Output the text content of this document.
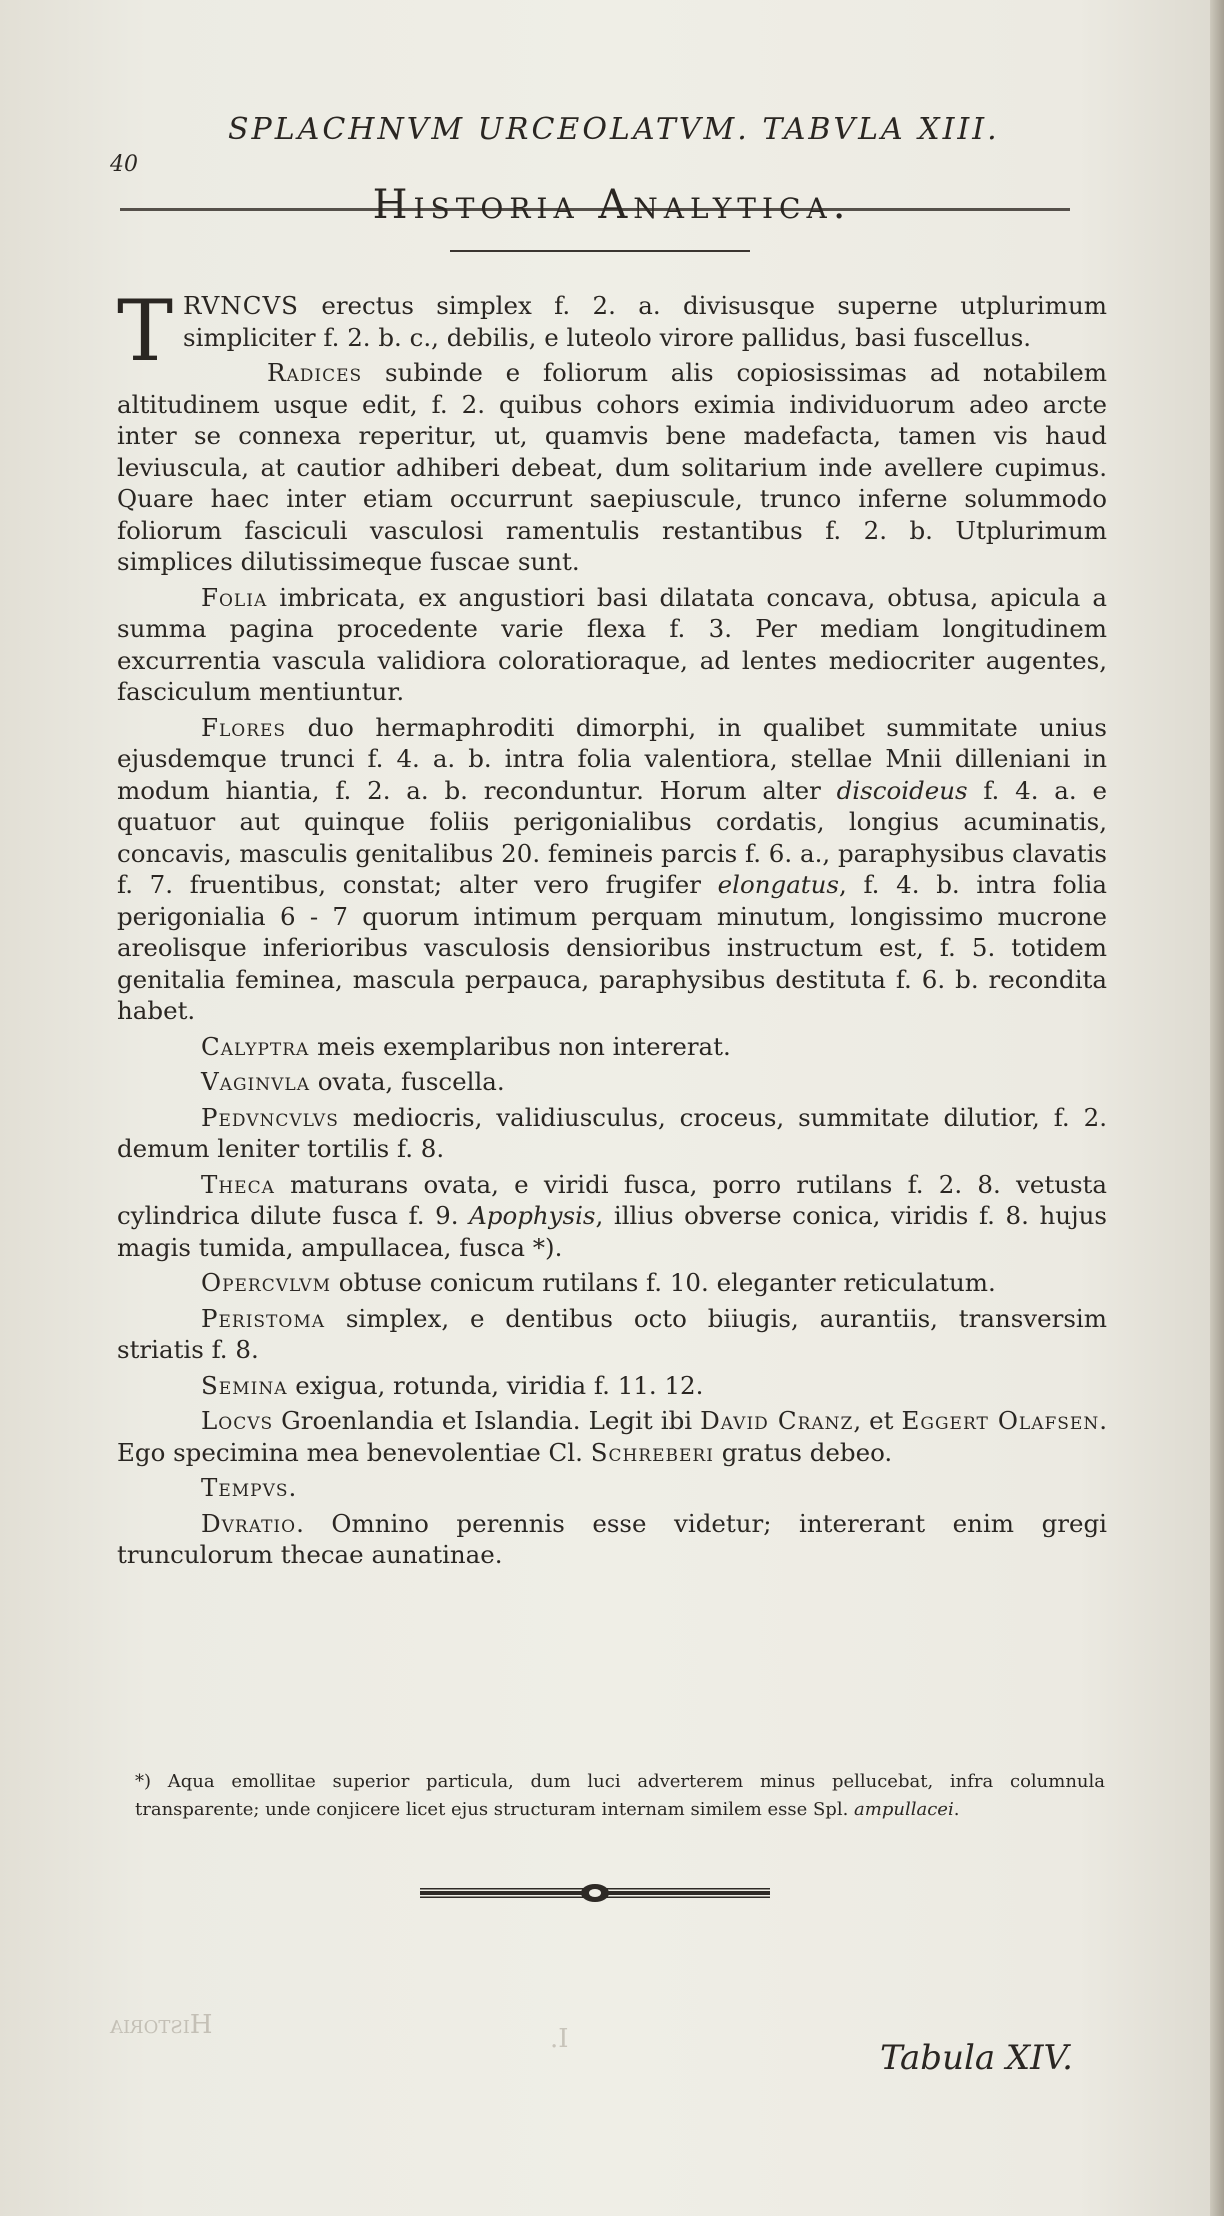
40
SPLACHNVM URCEOLATVM. TABVLA XIII.
Historia Analytica.

TRVNCVS erectus simplex f. 2. a. divisusque superne utplurimum simpliciter f. 2. b. c., debilis, e luteolo virore pallidus, basi fuscellus.

Radices subinde e foliorum alis copiosissimas ad notabilem altitudinem usque edit, f. 2. quibus cohors eximia individuorum adeo arcte inter se connexa reperitur, ut, quamvis bene madefacta, tamen vis haud leviuscula, at cautior adhiberi debeat, dum solitarium inde avellere cupimus. Quare haec inter etiam occurrunt saepiuscule, trunco inferne solummodo foliorum fasciculi vasculosi ramentulis restantibus f. 2. b. Utplurimum simplices dilutissimeque fuscae sunt.

Folia imbricata, ex angustiori basi dilatata concava, obtusa, apicula a summa pagina procedente varie flexa f. 3. Per mediam longitudinem excurrentia vascula validiora coloratioraque, ad lentes mediocriter augentes, fasciculum mentiuntur.

Flores duo hermaphroditi dimorphi, in qualibet summitate unius ejusdemque trunci f. 4. a. b. intra folia valentiora, stellae Mnii dilleniani in modum hiantia, f. 2. a. b. reconduntur. Horum alter discoideus f. 4. a. e quatuor aut quinque foliis perigonialibus cordatis, longius acuminatis, concavis, masculis genitalibus 20. femineis parcis f. 6. a., paraphysibus clavatis f. 7. fruentibus, constat; alter vero frugifer elongatus, f. 4. b. intra folia perigonialia 6 - 7 quorum intimum perquam minutum, longissimo mucrone areolisque inferioribus vasculosis densioribus instructum est, f. 5. totidem genitalia feminea, mascula perpauca, paraphysibus destituta f. 6. b. recondita habet.

Calyptra meis exemplaribus non intererat.

Vaginvla ovata, fuscella.

Pedvncvlvs mediocris, validiusculus, croceus, summitate dilutior, f. 2. demum leniter tortilis f. 8.

Theca maturans ovata, e viridi fusca, porro rutilans f. 2. 8. vetusta cylindrica dilute fusca f. 9. Apophysis, illius obverse conica, viridis f. 8. hujus magis tumida, ampullacea, fusca *).

Opercvlvm obtuse conicum rutilans f. 10. eleganter reticulatum.

Peristoma simplex, e dentibus octo biiugis, aurantiis, transversim striatis f. 8.

Semina exigua, rotunda, viridia f. 11. 12.

Locvs Groenlandia et Islandia. Legit ibi David Cranz, et Eggert Olafsen. Ego specimina mea benevolentiae Cl. Schreberi gratus debeo.

Tempvs.

Dvratio. Omnino perennis esse videtur; intererant enim gregi trunculorum thecae aunatinae.

*) Aqua emollitae superior particula, dum luci adverterem minus pellucebat, infra columnula transparente; unde conjicere licet ejus structuram internam similem esse Spl. ampullacei.
Historia	I.	Tabula XIV.
